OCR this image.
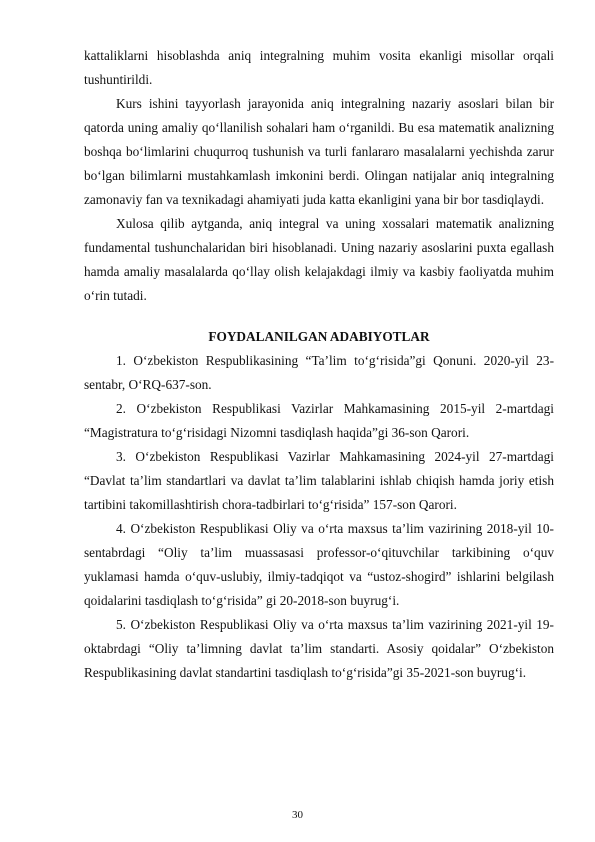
kattaliklarni hisoblashda aniq integralning muhim vosita ekanligi misollar orqali tushuntirildi.

Kurs ishini tayyorlash jarayonida aniq integralning nazariy asoslari bilan bir qatorda uning amaliy qo‘llanilish sohalari ham o‘rganildi. Bu esa matematik analizning boshqa bo‘limlarini chuqurroq tushunish va turli fanlararo masalalarni yechishda zarur bo‘lgan bilimlarni mustahkamlash imkonini berdi. Olingan natijalar aniq integralning zamonaviy fan va texnikadagi ahamiyati juda katta ekanligini yana bir bor tasdiqlaydi.

Xulosa qilib aytganda, aniq integral va uning xossalari matematik analizning fundamental tushunchalaridan biri hisoblanadi. Uning nazariy asoslarini puxta egallash hamda amaliy masalalarda qo‘llay olish kelajakdagi ilmiy va kasbiy faoliyatda muhim o‘rin tutadi.

FOYDALANILGAN ADABIYOTLAR

1. O‘zbekiston Respublikasining “Ta’lim to‘g‘risida”gi Qonuni. 2020-yil 23-sentabr, O‘RQ-637-son.

2. O‘zbekiston Respublikasi Vazirlar Mahkamasining 2015-yil 2-martdagi “Magistratura to‘g‘risidagi Nizomni tasdiqlash haqida”gi 36-son Qarori.

3. O‘zbekiston Respublikasi Vazirlar Mahkamasining 2024-yil 27-martdagi “Davlat ta’lim standartlari va davlat ta’lim talablarini ishlab chiqish hamda joriy etish tartibini takomillashtirish chora-tadbirlari to‘g‘risida” 157-son Qarori.

4. O‘zbekiston Respublikasi Oliy va o‘rta maxsus ta’lim vazirining 2018-yil 10-sentabrdagi “Oliy ta’lim muassasasi professor-o‘qituvchilar tarkibining o‘quv yuklamasi hamda o‘quv-uslubiy, ilmiy-tadqiqot va “ustoz-shogird” ishlarini belgilash qoidalarini tasdiqlash to‘g‘risida” gi 20-2018-son buyrug‘i.

5. O‘zbekiston Respublikasi Oliy va o‘rta maxsus ta’lim vazirining 2021-yil 19-oktabrdagi “Oliy ta’limning davlat ta’lim standarti. Asosiy qoidalar” O‘zbekiston Respublikasining davlat standartini tasdiqlash to‘g‘risida”gi 35-2021-son buyrug‘i.

30
